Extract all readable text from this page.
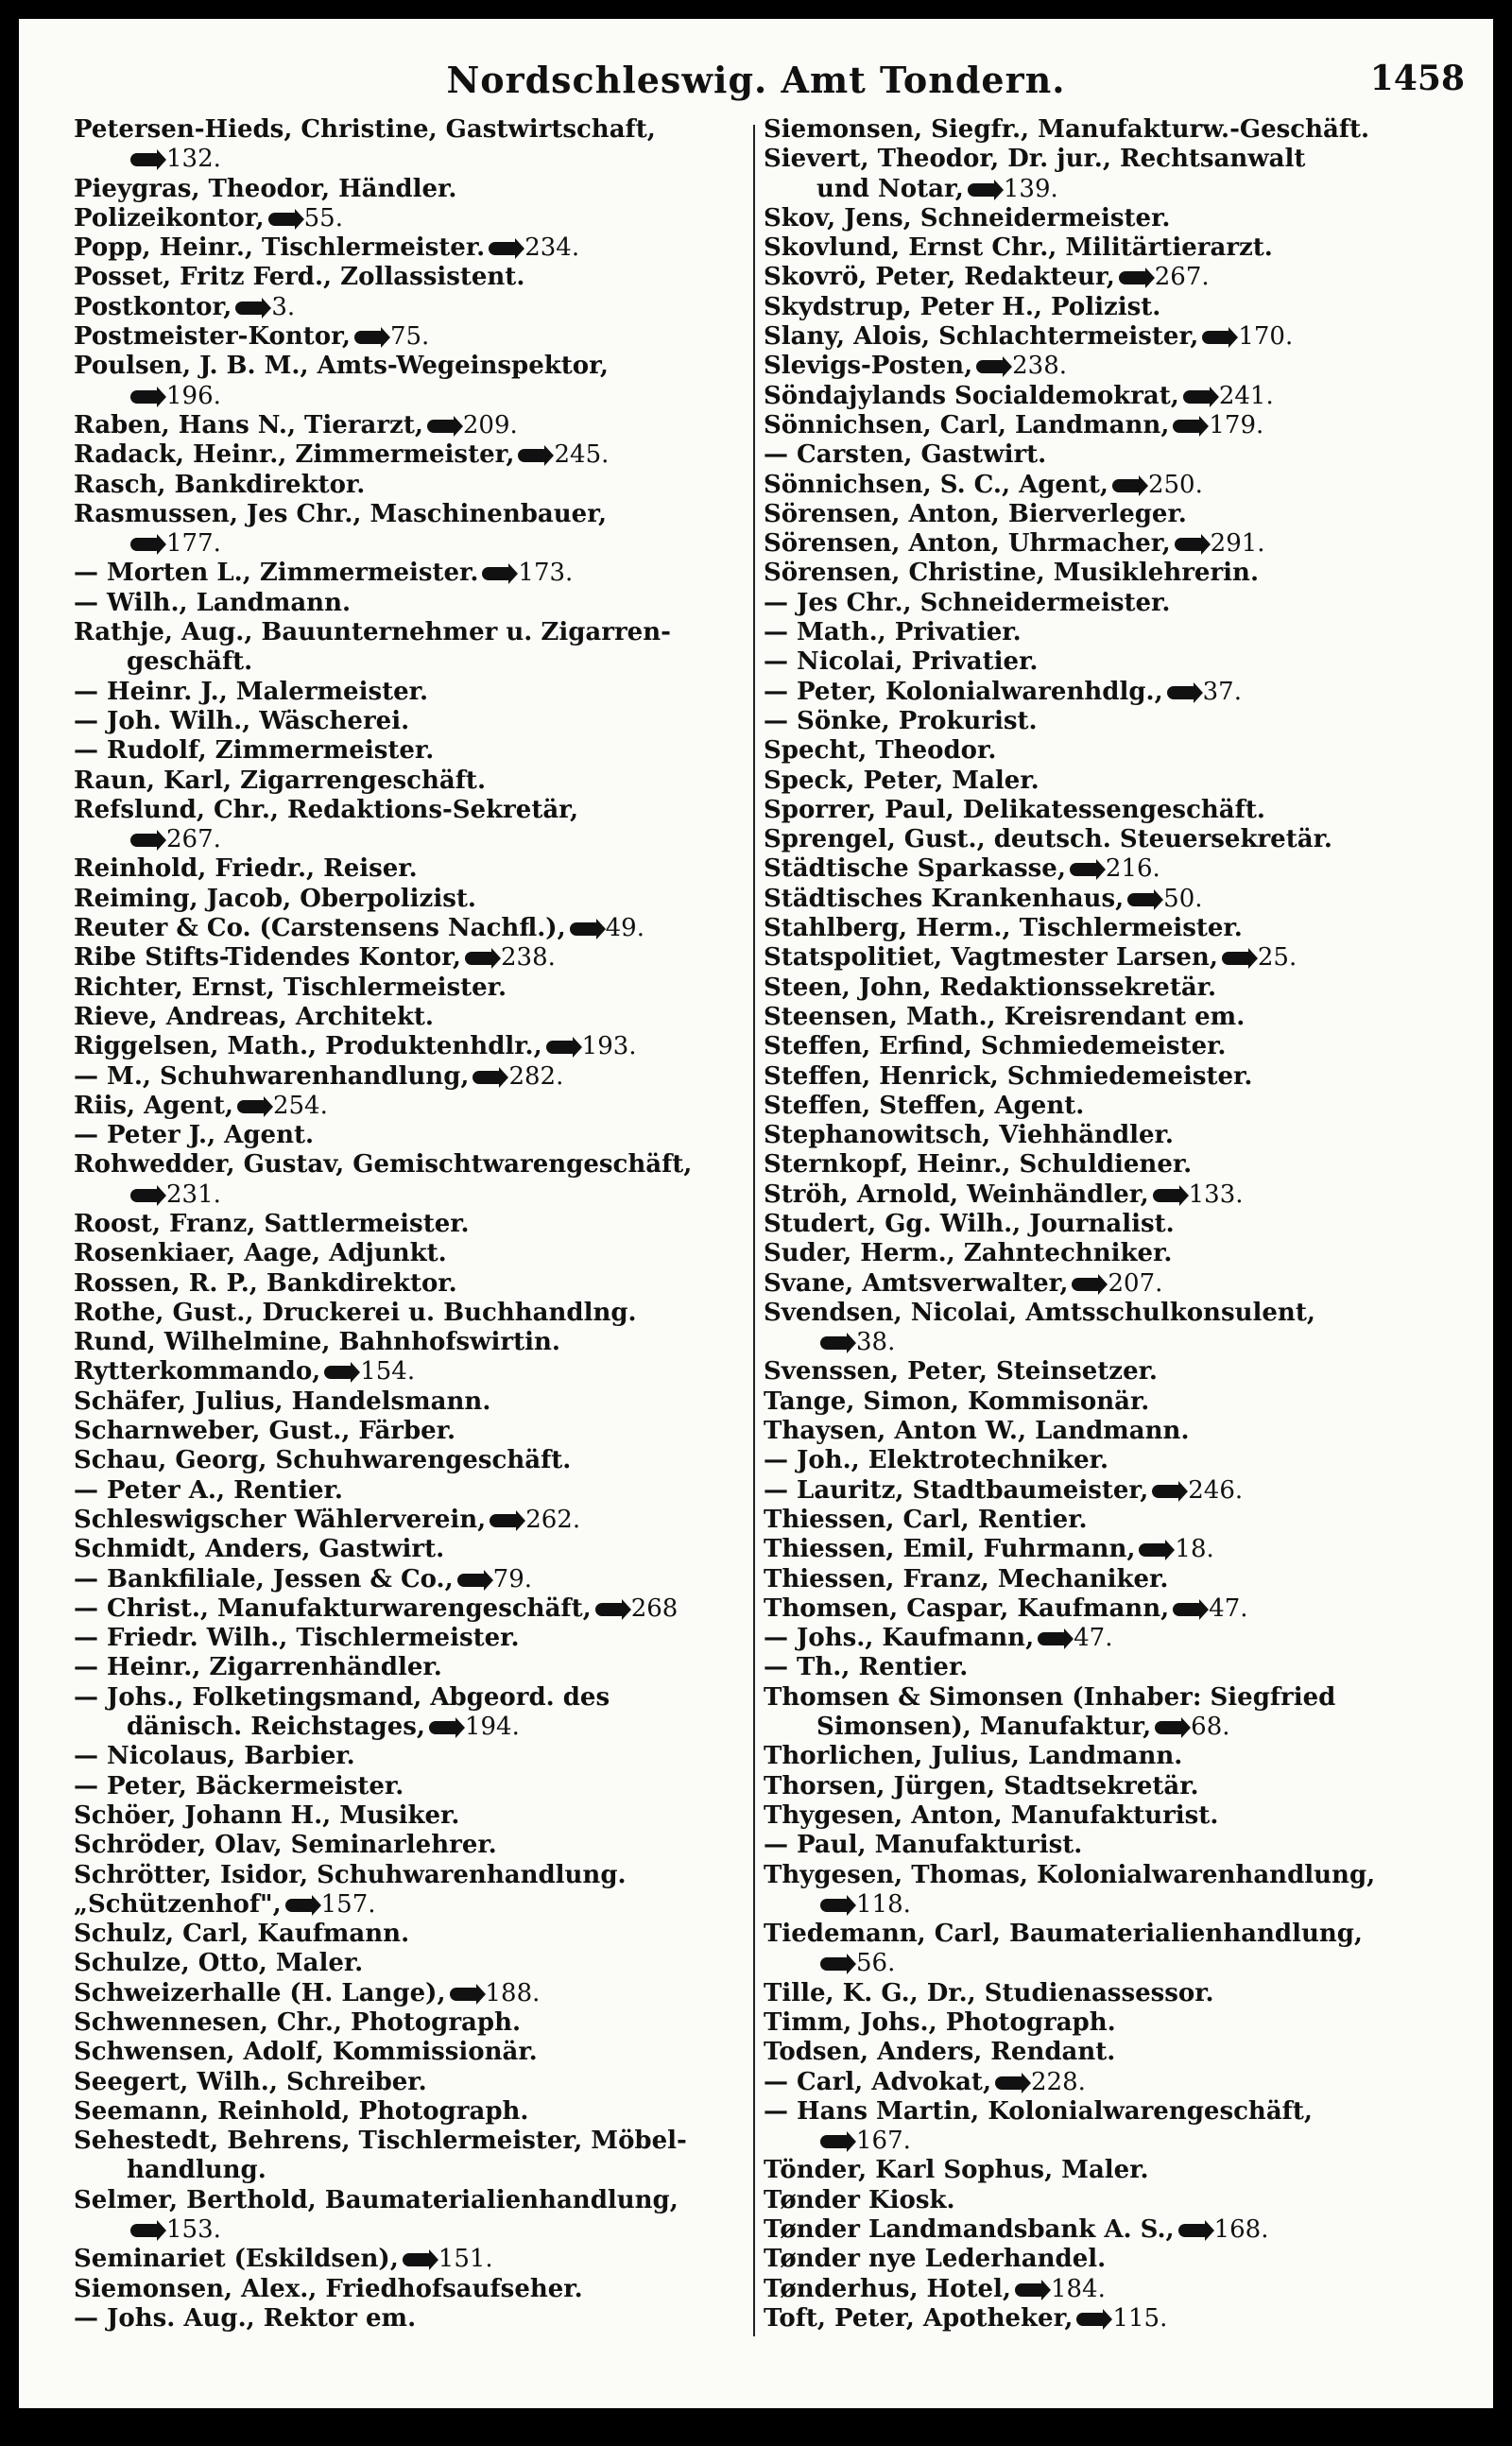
Nordschleswig. Amt Tondern.	1458
Petersen-Hieds, Christine, Gastwirtschaft,
132.
Pieygras, Theodor, Händler.
Polizeikontor, 55.
Popp, Heinr., Tischlermeister. 234.
Posset, Fritz Ferd., Zollassistent.
Postkontor, 3.
Postmeister-Kontor, 75.
Poulsen, J. B. M., Amts-Wegeinspektor,
196.
Raben, Hans N., Tierarzt, 209.
Radack, Heinr., Zimmermeister, 245.
Rasch, Bankdirektor.
Rasmussen, Jes Chr., Maschinenbauer,
177.
— Morten L., Zimmermeister. 173.
— Wilh., Landmann.
Rathje, Aug., Bauunternehmer u. Zigarren-
geschäft.
— Heinr. J., Malermeister.
— Joh. Wilh., Wäscherei.
— Rudolf, Zimmermeister.
Raun, Karl, Zigarrengeschäft.
Refslund, Chr., Redaktions-Sekretär,
267.
Reinhold, Friedr., Reiser.
Reiming, Jacob, Oberpolizist.
Reuter & Co. (Carstensens Nachfl.), 49.
Ribe Stifts-Tidendes Kontor, 238.
Richter, Ernst, Tischlermeister.
Rieve, Andreas, Architekt.
Riggelsen, Math., Produktenhdlr., 193.
— M., Schuhwarenhandlung, 282.
Riis, Agent, 254.
— Peter J., Agent.
Rohwedder, Gustav, Gemischtwarengeschäft,
231.
Roost, Franz, Sattlermeister.
Rosenkiaer, Aage, Adjunkt.
Rossen, R. P., Bankdirektor.
Rothe, Gust., Druckerei u. Buchhandlng.
Rund, Wilhelmine, Bahnhofswirtin.
Rytterkommando, 154.
Schäfer, Julius, Handelsmann.
Scharnweber, Gust., Färber.
Schau, Georg, Schuhwarengeschäft.
— Peter A., Rentier.
Schleswigscher Wählerverein, 262.
Schmidt, Anders, Gastwirt.
— Bankfiliale, Jessen & Co., 79.
— Christ., Manufakturwarengeschäft, 268
— Friedr. Wilh., Tischlermeister.
— Heinr., Zigarrenhändler.
— Johs., Folketingsmand, Abgeord. des
dänisch. Reichstages, 194.
— Nicolaus, Barbier.
— Peter, Bäckermeister.
Schöer, Johann H., Musiker.
Schröder, Olav, Seminarlehrer.
Schrötter, Isidor, Schuhwarenhandlung.
„Schützenhof", 157.
Schulz, Carl, Kaufmann.
Schulze, Otto, Maler.
Schweizerhalle (H. Lange), 188.
Schwennesen, Chr., Photograph.
Schwensen, Adolf, Kommissionär.
Seegert, Wilh., Schreiber.
Seemann, Reinhold, Photograph.
Sehestedt, Behrens, Tischlermeister, Möbel-
handlung.
Selmer, Berthold, Baumaterialienhandlung,
153.
Seminariet (Eskildsen), 151.
Siemonsen, Alex., Friedhofsaufseher.
— Johs. Aug., Rektor em.
Siemonsen, Siegfr., Manufakturw.-Geschäft.
Sievert, Theodor, Dr. jur., Rechtsanwalt
und Notar, 139.
Skov, Jens, Schneidermeister.
Skovlund, Ernst Chr., Militärtierarzt.
Skovrö, Peter, Redakteur, 267.
Skydstrup, Peter H., Polizist.
Slany, Alois, Schlachtermeister, 170.
Slevigs-Posten, 238.
Söndajylands Socialdemokrat, 241.
Sönnichsen, Carl, Landmann, 179.
— Carsten, Gastwirt.
Sönnichsen, S. C., Agent, 250.
Sörensen, Anton, Bierverleger.
Sörensen, Anton, Uhrmacher, 291.
Sörensen, Christine, Musiklehrerin.
— Jes Chr., Schneidermeister.
— Math., Privatier.
— Nicolai, Privatier.
— Peter, Kolonialwarenhdlg., 37.
— Sönke, Prokurist.
Specht, Theodor.
Speck, Peter, Maler.
Sporrer, Paul, Delikatessengeschäft.
Sprengel, Gust., deutsch. Steuersekretär.
Städtische Sparkasse, 216.
Städtisches Krankenhaus, 50.
Stahlberg, Herm., Tischlermeister.
Statspolitiet, Vagtmester Larsen, 25.
Steen, John, Redaktionssekretär.
Steensen, Math., Kreisrendant em.
Steffen, Erfind, Schmiedemeister.
Steffen, Henrick, Schmiedemeister.
Steffen, Steffen, Agent.
Stephanowitsch, Viehhändler.
Sternkopf, Heinr., Schuldiener.
Ströh, Arnold, Weinhändler, 133.
Studert, Gg. Wilh., Journalist.
Suder, Herm., Zahntechniker.
Svane, Amtsverwalter, 207.
Svendsen, Nicolai, Amtsschulkonsulent,
38.
Svenssen, Peter, Steinsetzer.
Tange, Simon, Kommisonär.
Thaysen, Anton W., Landmann.
— Joh., Elektrotechniker.
— Lauritz, Stadtbaumeister, 246.
Thiessen, Carl, Rentier.
Thiessen, Emil, Fuhrmann, 18.
Thiessen, Franz, Mechaniker.
Thomsen, Caspar, Kaufmann, 47.
— Johs., Kaufmann, 47.
— Th., Rentier.
Thomsen & Simonsen (Inhaber: Siegfried
Simonsen), Manufaktur, 68.
Thorlichen, Julius, Landmann.
Thorsen, Jürgen, Stadtsekretär.
Thygesen, Anton, Manufakturist.
— Paul, Manufakturist.
Thygesen, Thomas, Kolonialwarenhandlung,
118.
Tiedemann, Carl, Baumaterialienhandlung,
56.
Tille, K. G., Dr., Studienassessor.
Timm, Johs., Photograph.
Todsen, Anders, Rendant.
— Carl, Advokat, 228.
— Hans Martin, Kolonialwarengeschäft,
167.
Tönder, Karl Sophus, Maler.
Tønder Kiosk.
Tønder Landmandsbank A. S., 168.
Tønder nye Lederhandel.
Tønderhus, Hotel, 184.
Toft, Peter, Apotheker, 115.
